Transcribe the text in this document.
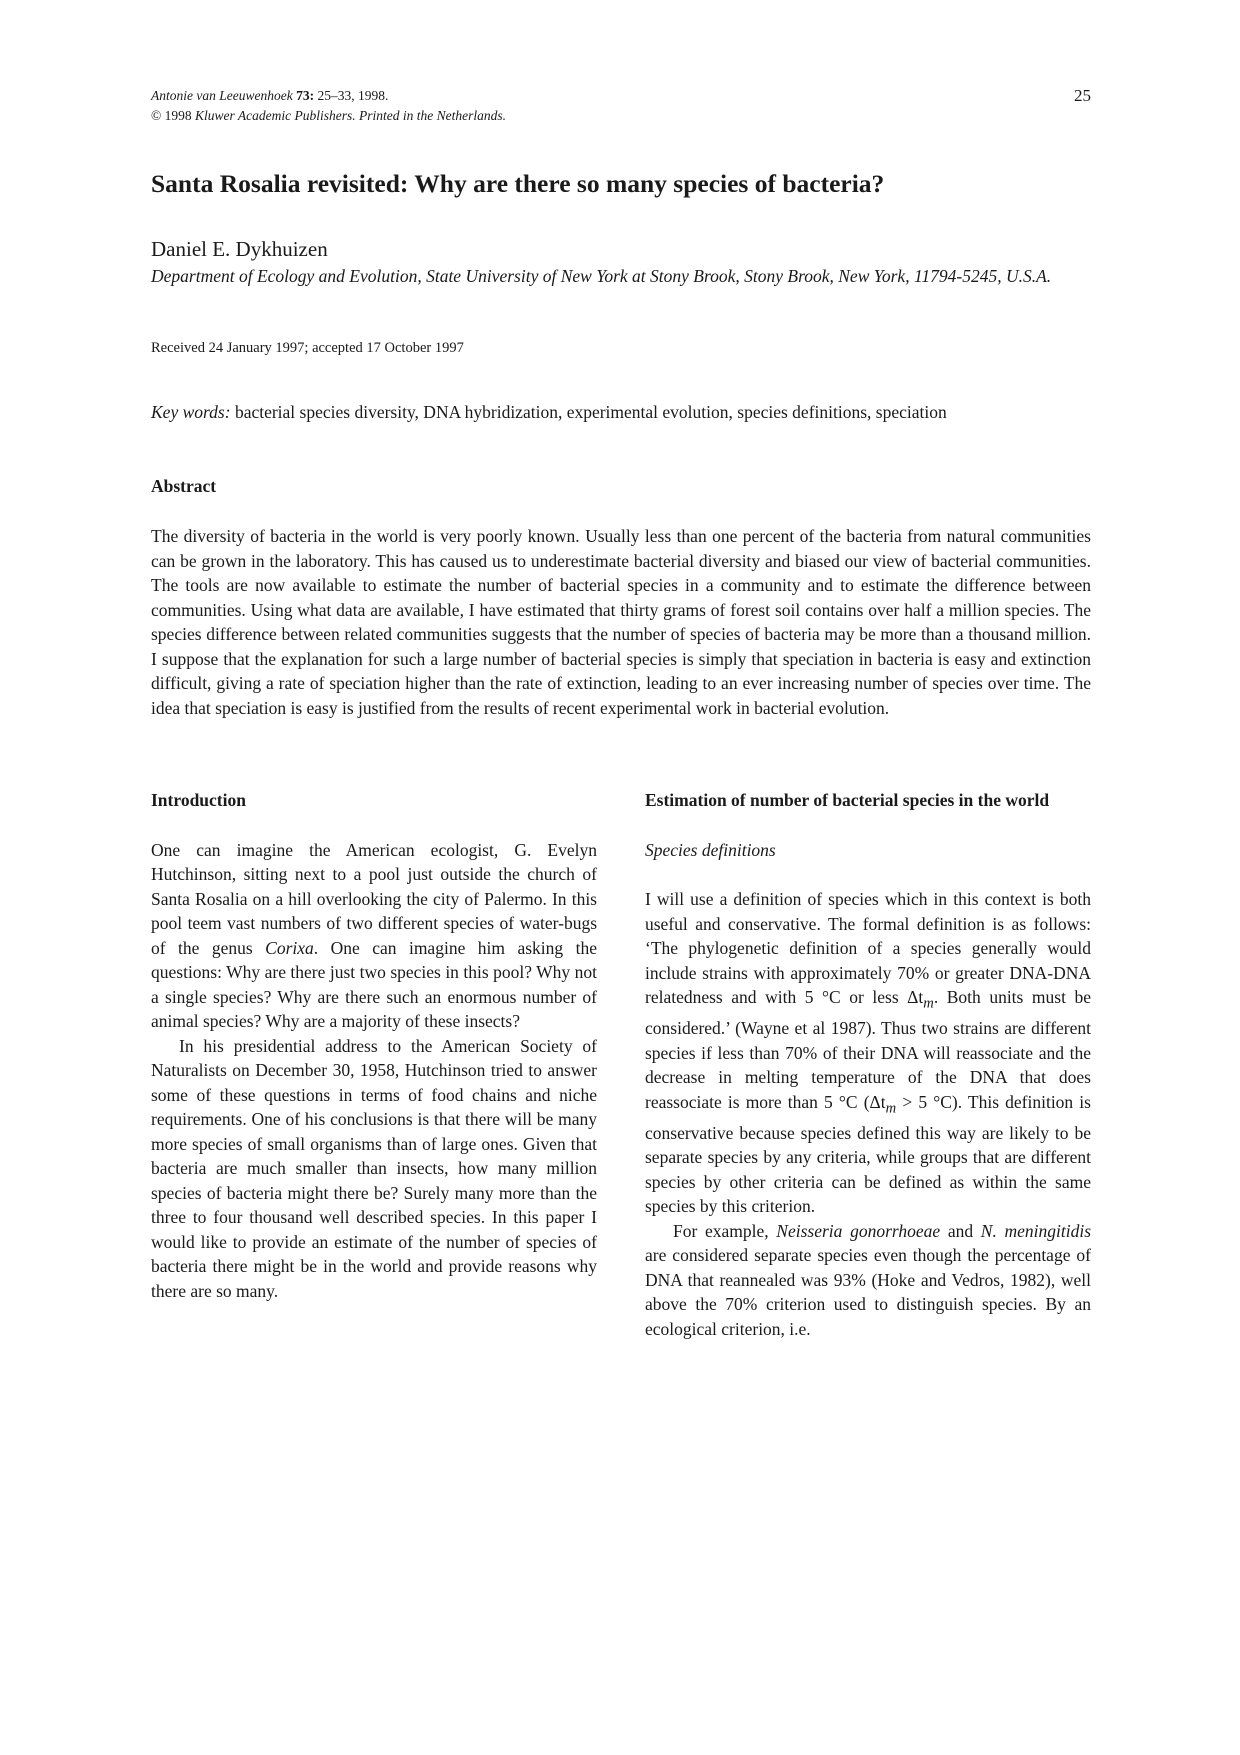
Antonie van Leeuwenhoek 73: 25–33, 1998.
© 1998 Kluwer Academic Publishers. Printed in the Netherlands.
25
Santa Rosalia revisited: Why are there so many species of bacteria?
Daniel E. Dykhuizen
Department of Ecology and Evolution, State University of New York at Stony Brook, Stony Brook, New York, 11794-5245, U.S.A.
Received 24 January 1997; accepted 17 October 1997
Key words: bacterial species diversity, DNA hybridization, experimental evolution, species definitions, speciation
Abstract

The diversity of bacteria in the world is very poorly known. Usually less than one percent of the bacteria from natural communities can be grown in the laboratory. This has caused us to underestimate bacterial diversity and biased our view of bacterial communities. The tools are now available to estimate the number of bacterial species in a community and to estimate the difference between communities. Using what data are available, I have estimated that thirty grams of forest soil contains over half a million species. The species difference between related communities suggests that the number of species of bacteria may be more than a thousand million. I suppose that the explanation for such a large number of bacterial species is simply that speciation in bacteria is easy and extinction difficult, giving a rate of speciation higher than the rate of extinction, leading to an ever increasing number of species over time. The idea that speciation is easy is justified from the results of recent experimental work in bacterial evolution.

Introduction

One can imagine the American ecologist, G. Evelyn Hutchinson, sitting next to a pool just outside the church of Santa Rosalia on a hill overlooking the city of Palermo. In this pool teem vast numbers of two different species of water-bugs of the genus Corixa. One can imagine him asking the questions: Why are there just two species in this pool? Why not a single species? Why are there such an enormous number of animal species? Why are a majority of these insects?

In his presidential address to the American Society of Naturalists on December 30, 1958, Hutchinson tried to answer some of these questions in terms of food chains and niche requirements. One of his conclusions is that there will be many more species of small organisms than of large ones. Given that bacteria are much smaller than insects, how many million species of bacteria might there be? Surely many more than the three to four thousand well described species. In this paper I would like to provide an estimate of the number of species of bacteria there might be in the world and provide reasons why there are so many.

Estimation of number of bacterial species in the world
Species definitions

I will use a definition of species which in this context is both useful and conservative. The formal definition is as follows: ‘The phylogenetic definition of a species generally would include strains with approximately 70% or greater DNA-DNA relatedness and with 5 °C or less $\Delta t_m$. Both units must be considered.’ (Wayne et al 1987). Thus two strains are different species if less than 70% of their DNA will reassociate and the decrease in melting temperature of the DNA that does reassociate is more than 5 °C ($\Delta t_m > 5$ °C). This definition is conservative because species defined this way are likely to be separate species by any criteria, while groups that are different species by other criteria can be defined as within the same species by this criterion.

For example, Neisseria gonorrhoeae and N. meningitidis are considered separate species even though the percentage of DNA that reannealed was 93% (Hoke and Vedros, 1982), well above the 70% criterion used to distinguish species. By an ecological criterion, i.e.
